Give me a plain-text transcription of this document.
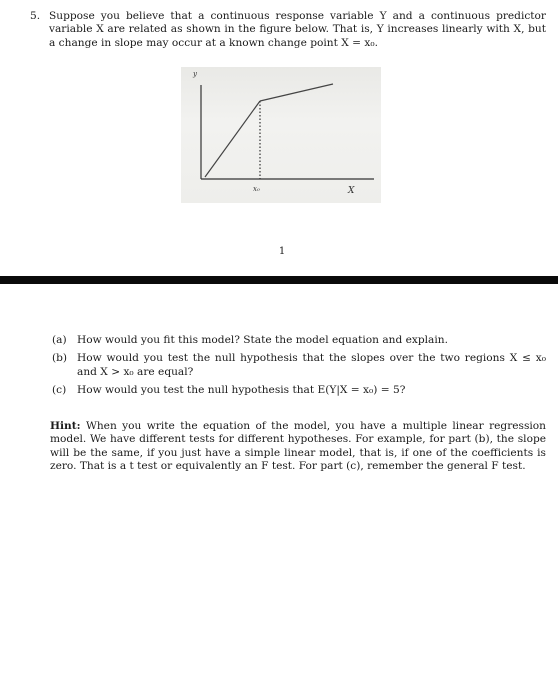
5. Suppose you believe that a continuous response variable Y and a continuous predictor variable X are related as shown in the figure below. That is, Y increases linearly with X, but a change in slope may occur at a known change point X = x₀.
y
x₀	X
1
(a) How would you fit this model? State the model equation and explain.
(b) How would you test the null hypothesis that the slopes over the two regions X ≤ x₀ and X > x₀ are equal?
(c) How would you test the null hypothesis that E(Y|X = x₀) = 5?
Hint: When you write the equation of the model, you have a multiple linear regression model. We have different tests for different hypotheses. For example, for part (b), the slope will be the same, if you just have a simple linear model, that is, if one of the coefficients is zero. That is a t test or equivalently an F test. For part (c), remember the general F test.
